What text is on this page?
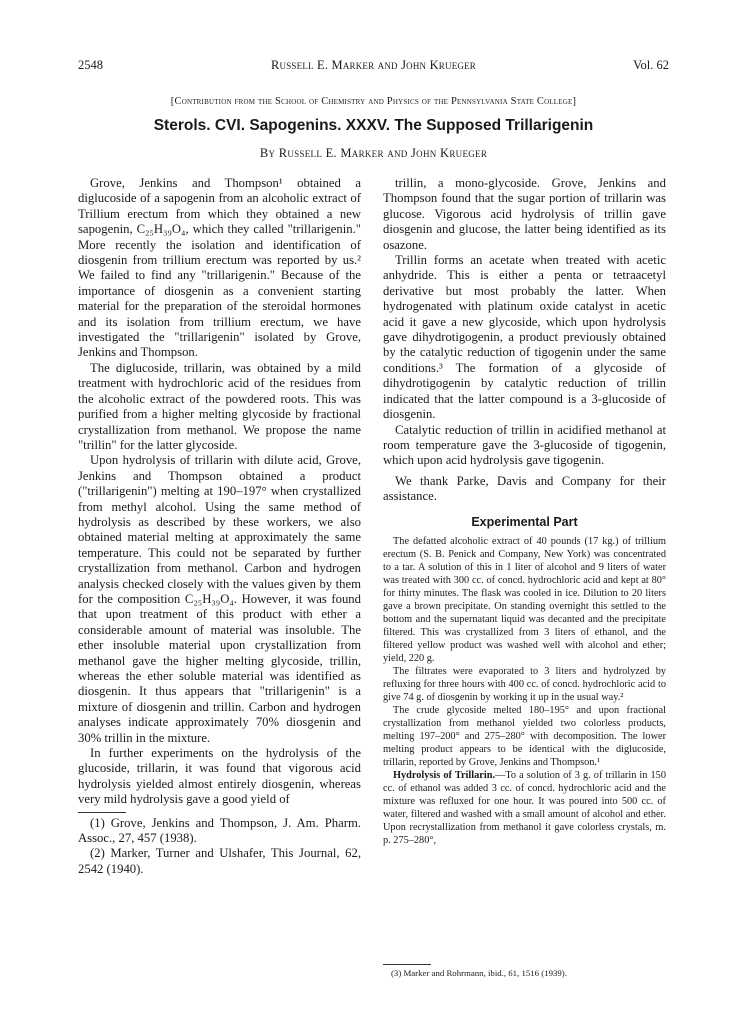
2548	Russell E. Marker and John Krueger	Vol. 62
[Contribution from the School of Chemistry and Physics of the Pennsylvania State College]
Sterols. CVI. Sapogenins. XXXV. The Supposed Trillarigenin
By Russell E. Marker and John Krueger

Grove, Jenkins and Thompson¹ obtained a diglucoside of a sapogenin from an alcoholic extract of Trillium erectum from which they obtained a new sapogenin, C₂₅H₃₉O₄, which they called "trillarigenin." More recently the isolation and identification of diosgenin from trillium erectum was reported by us.² We failed to find any "trillarigenin." Because of the importance of diosgenin as a convenient starting material for the preparation of the steroidal hormones and its isolation from trillium erectum, we have investigated the "trillarigenin" isolated by Grove, Jenkins and Thompson.

The diglucoside, trillarin, was obtained by a mild treatment with hydrochloric acid of the residues from the alcoholic extract of the powdered roots. This was purified from a higher melting glycoside by fractional crystallization from methanol. We propose the name "trillin" for the latter glycoside.

Upon hydrolysis of trillarin with dilute acid, Grove, Jenkins and Thompson obtained a product ("trillarigenin") melting at 190–197° when crystallized from methyl alcohol. Using the same method of hydrolysis as described by these workers, we also obtained material melting at approximately the same temperature. This could not be separated by further crystallization from methanol. Carbon and hydrogen analysis checked closely with the values given by them for the composition C₂₅H₃₉O₄. However, it was found that upon treatment of this product with ether a considerable amount of material was insoluble. The ether insoluble material upon crystallization from methanol gave the higher melting glycoside, trillin, whereas the ether soluble material was identified as diosgenin. It thus appears that "trillarigenin" is a mixture of diosgenin and trillin. Carbon and hydrogen analyses indicate approximately 70% diosgenin and 30% trillin in the mixture.

In further experiments on the hydrolysis of the glucoside, trillarin, it was found that vigorous acid hydrolysis yielded almost entirely diosgenin, whereas very mild hydrolysis gave a good yield of

(1) Grove, Jenkins and Thompson, J. Am. Pharm. Assoc., 27, 457 (1938).

(2) Marker, Turner and Ulshafer, This Journal, 62, 2542 (1940).

trillin, a mono-glycoside. Grove, Jenkins and Thompson found that the sugar portion of trillarin was glucose. Vigorous acid hydrolysis of trillin gave diosgenin and glucose, the latter being identified as its osazone.

Trillin forms an acetate when treated with acetic anhydride. This is either a penta or tetraacetyl derivative but most probably the latter. When hydrogenated with platinum oxide catalyst in acetic acid it gave a new glycoside, which upon hydrolysis gave dihydrotigogenin, a product previously obtained by the catalytic reduction of tigogenin under the same conditions.³ The formation of a glycoside of dihydrotigogenin by catalytic reduction of trillin indicated that the latter compound is a 3-glucoside of diosgenin.

Catalytic reduction of trillin in acidified methanol at room temperature gave the 3-glucoside of tigogenin, which upon acid hydrolysis gave tigogenin.

We thank Parke, Davis and Company for their assistance.

Experimental Part

The defatted alcoholic extract of 40 pounds (17 kg.) of trillium erectum (S. B. Penick and Company, New York) was concentrated to a tar. A solution of this in 1 liter of alcohol and 9 liters of water was treated with 300 cc. of concd. hydrochloric acid and kept at 80° for thirty minutes. The flask was cooled in ice. Dilution to 20 liters gave a brown precipitate. On standing overnight this settled to the bottom and the supernatant liquid was decanted and the precipitate filtered. This was crystallized from 3 liters of ethanol, and the filtered yellow product was washed well with alcohol and ether; yield, 220 g.

The filtrates were evaporated to 3 liters and hydrolyzed by refluxing for three hours with 400 cc. of concd. hydrochloric acid to give 74 g. of diosgenin by working it up in the usual way.²

The crude glycoside melted 180–195° and upon fractional crystallization from methanol yielded two colorless products, melting 197–200° and 275–280° with decomposition. The lower melting product appears to be identical with the diglucoside, trillarin, reported by Grove, Jenkins and Thompson.¹

Hydrolysis of Trillarin.—To a solution of 3 g. of trillarin in 150 cc. of ethanol was added 3 cc. of concd. hydrochloric acid and the mixture was refluxed for one hour. It was poured into 500 cc. of water, filtered and washed with a small amount of alcohol and ether. Upon recrystallization from methanol it gave colorless crystals, m. p. 275–280°,

(3) Marker and Rohrmann, ibid., 61, 1516 (1939).
